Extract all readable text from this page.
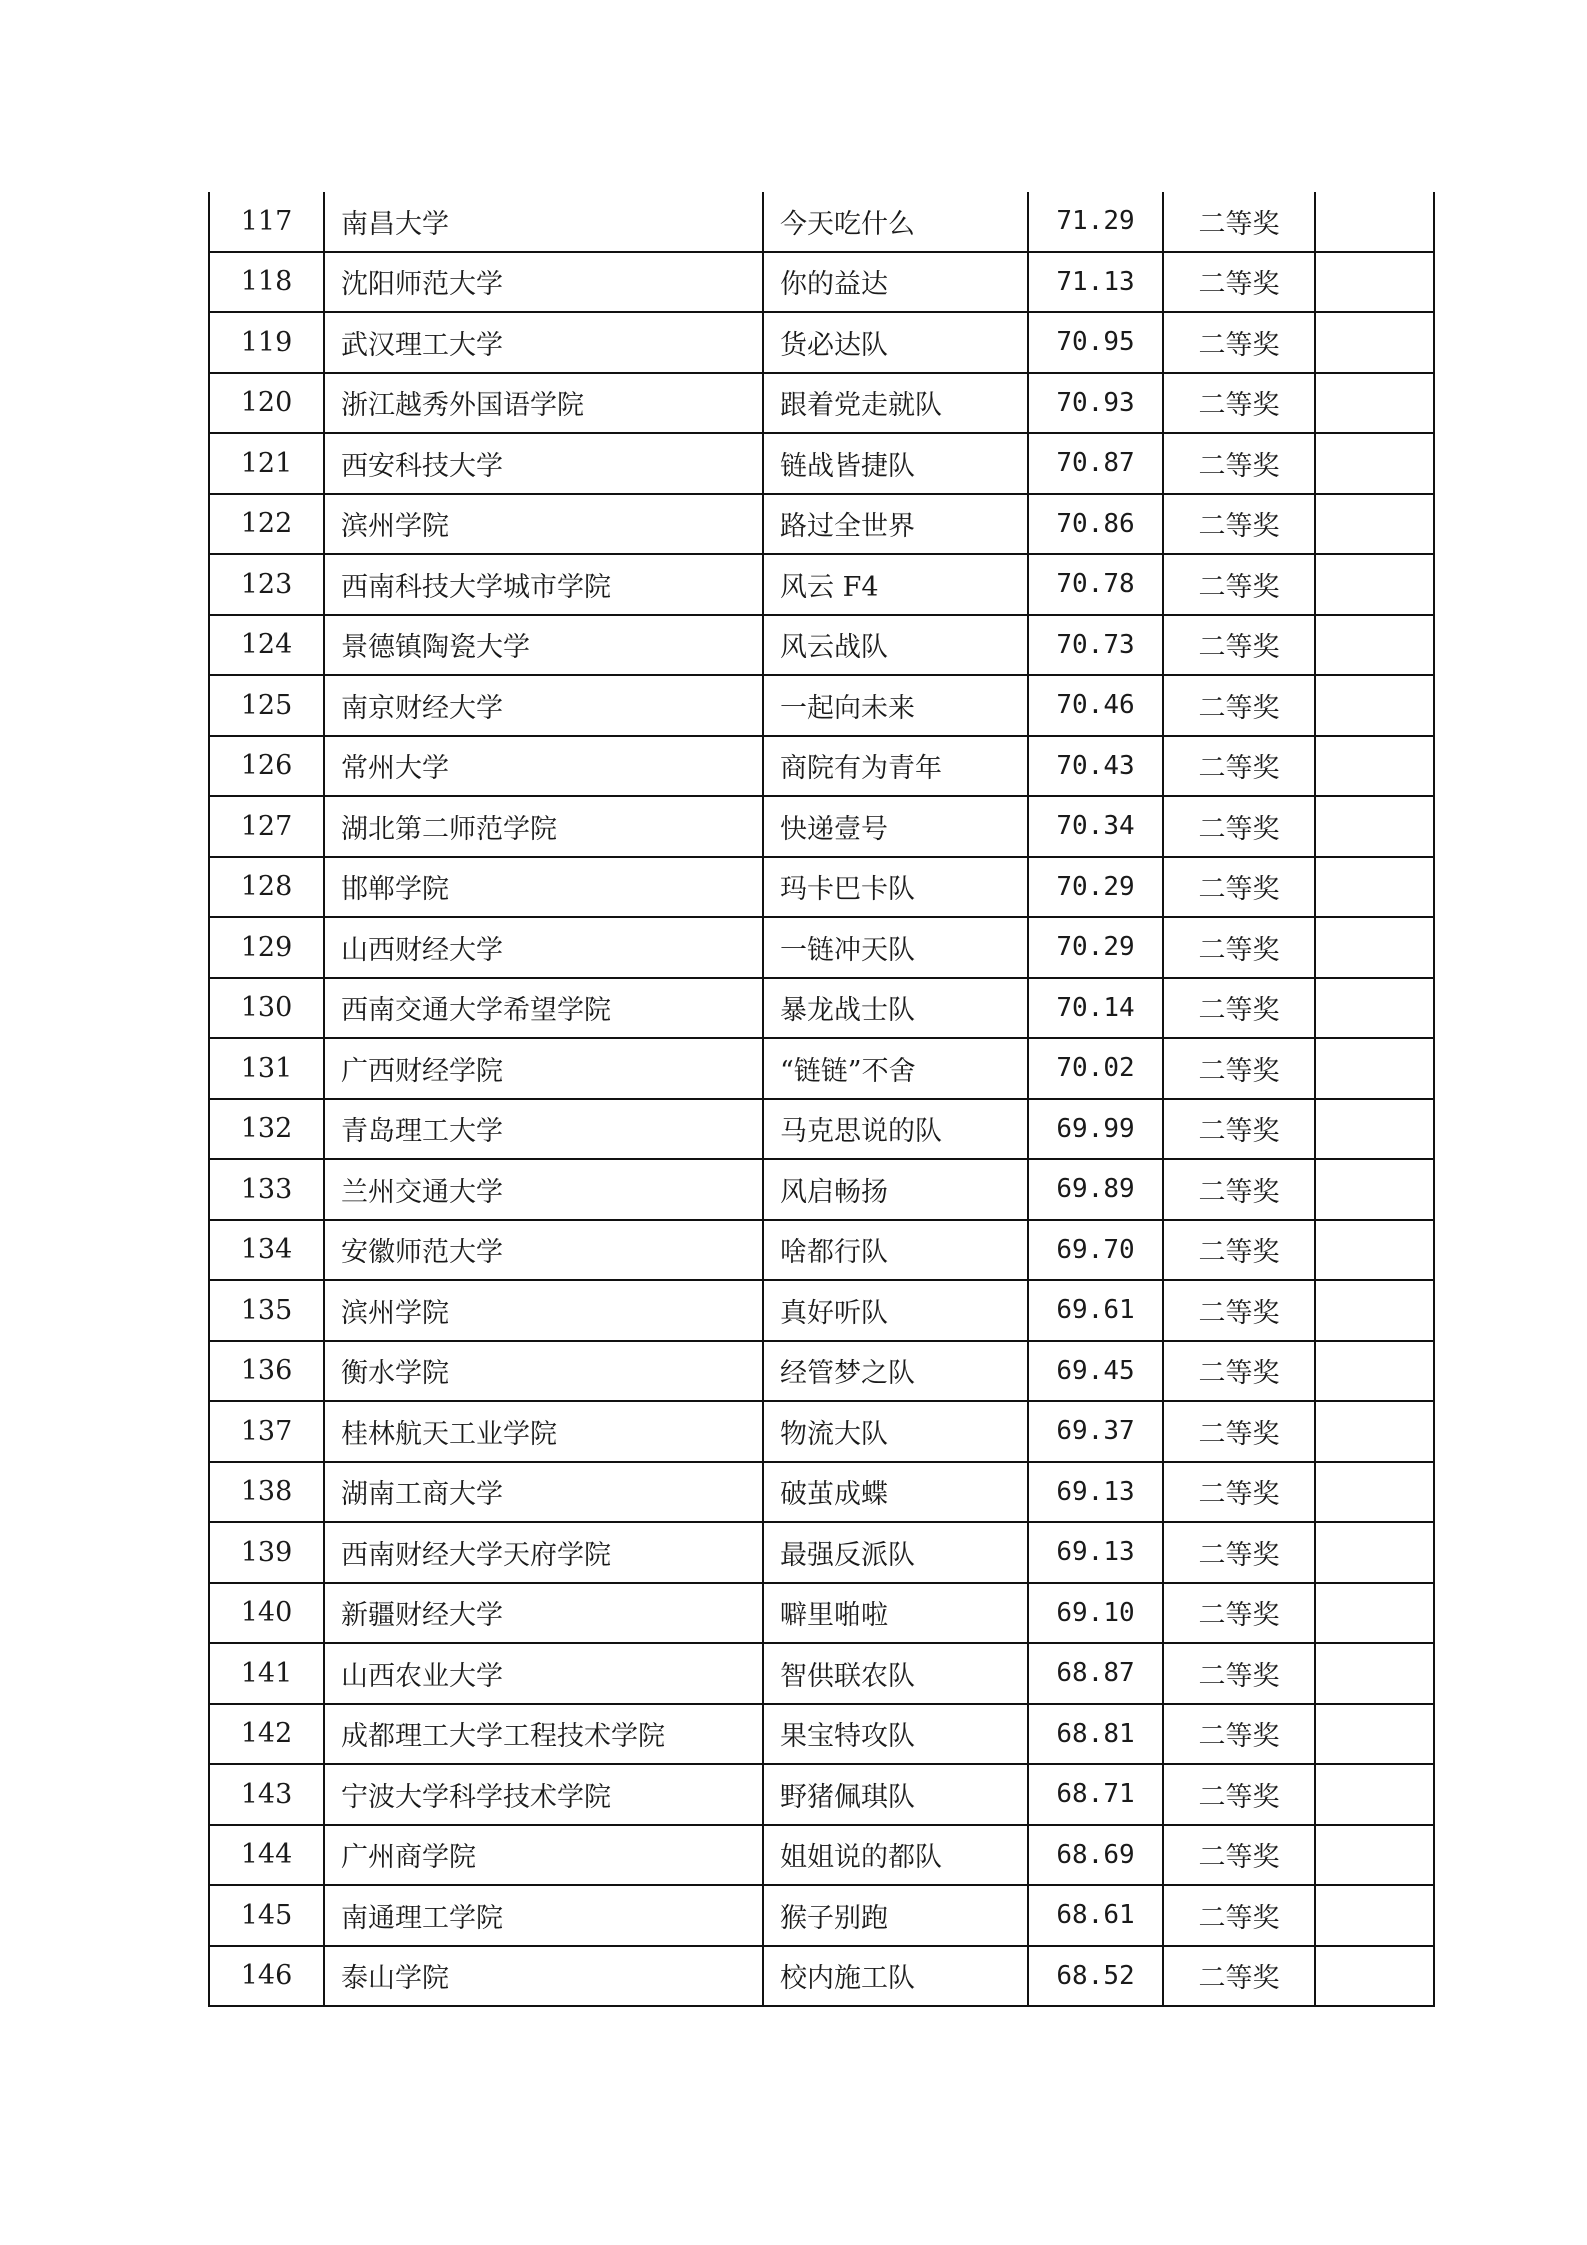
117	南昌大学	今天吃什么	71.29	二等奖	
118	沈阳师范大学	你的益达	71.13	二等奖	
119	武汉理工大学	货必达队	70.95	二等奖	
120	浙江越秀外国语学院	跟着党走就队	70.93	二等奖	
121	西安科技大学	链战皆捷队	70.87	二等奖	
122	滨州学院	路过全世界	70.86	二等奖	
123	西南科技大学城市学院	风云 F4	70.78	二等奖	
124	景德镇陶瓷大学	风云战队	70.73	二等奖	
125	南京财经大学	一起向未来	70.46	二等奖	
126	常州大学	商院有为青年	70.43	二等奖	
127	湖北第二师范学院	快递壹号	70.34	二等奖	
128	邯郸学院	玛卡巴卡队	70.29	二等奖	
129	山西财经大学	一链冲天队	70.29	二等奖	
130	西南交通大学希望学院	暴龙战士队	70.14	二等奖	
131	广西财经学院	“链链”不舍	70.02	二等奖	
132	青岛理工大学	马克思说的队	69.99	二等奖	
133	兰州交通大学	风启畅扬	69.89	二等奖	
134	安徽师范大学	啥都行队	69.70	二等奖	
135	滨州学院	真好听队	69.61	二等奖	
136	衡水学院	经管梦之队	69.45	二等奖	
137	桂林航天工业学院	物流大队	69.37	二等奖	
138	湖南工商大学	破茧成蝶	69.13	二等奖	
139	西南财经大学天府学院	最强反派队	69.13	二等奖	
140	新疆财经大学	噼里啪啦	69.10	二等奖	
141	山西农业大学	智供联农队	68.87	二等奖	
142	成都理工大学工程技术学院	果宝特攻队	68.81	二等奖	
143	宁波大学科学技术学院	野猪佩琪队	68.71	二等奖	
144	广州商学院	姐姐说的都队	68.69	二等奖	
145	南通理工学院	猴子别跑	68.61	二等奖	
146	泰山学院	校内施工队	68.52	二等奖	
